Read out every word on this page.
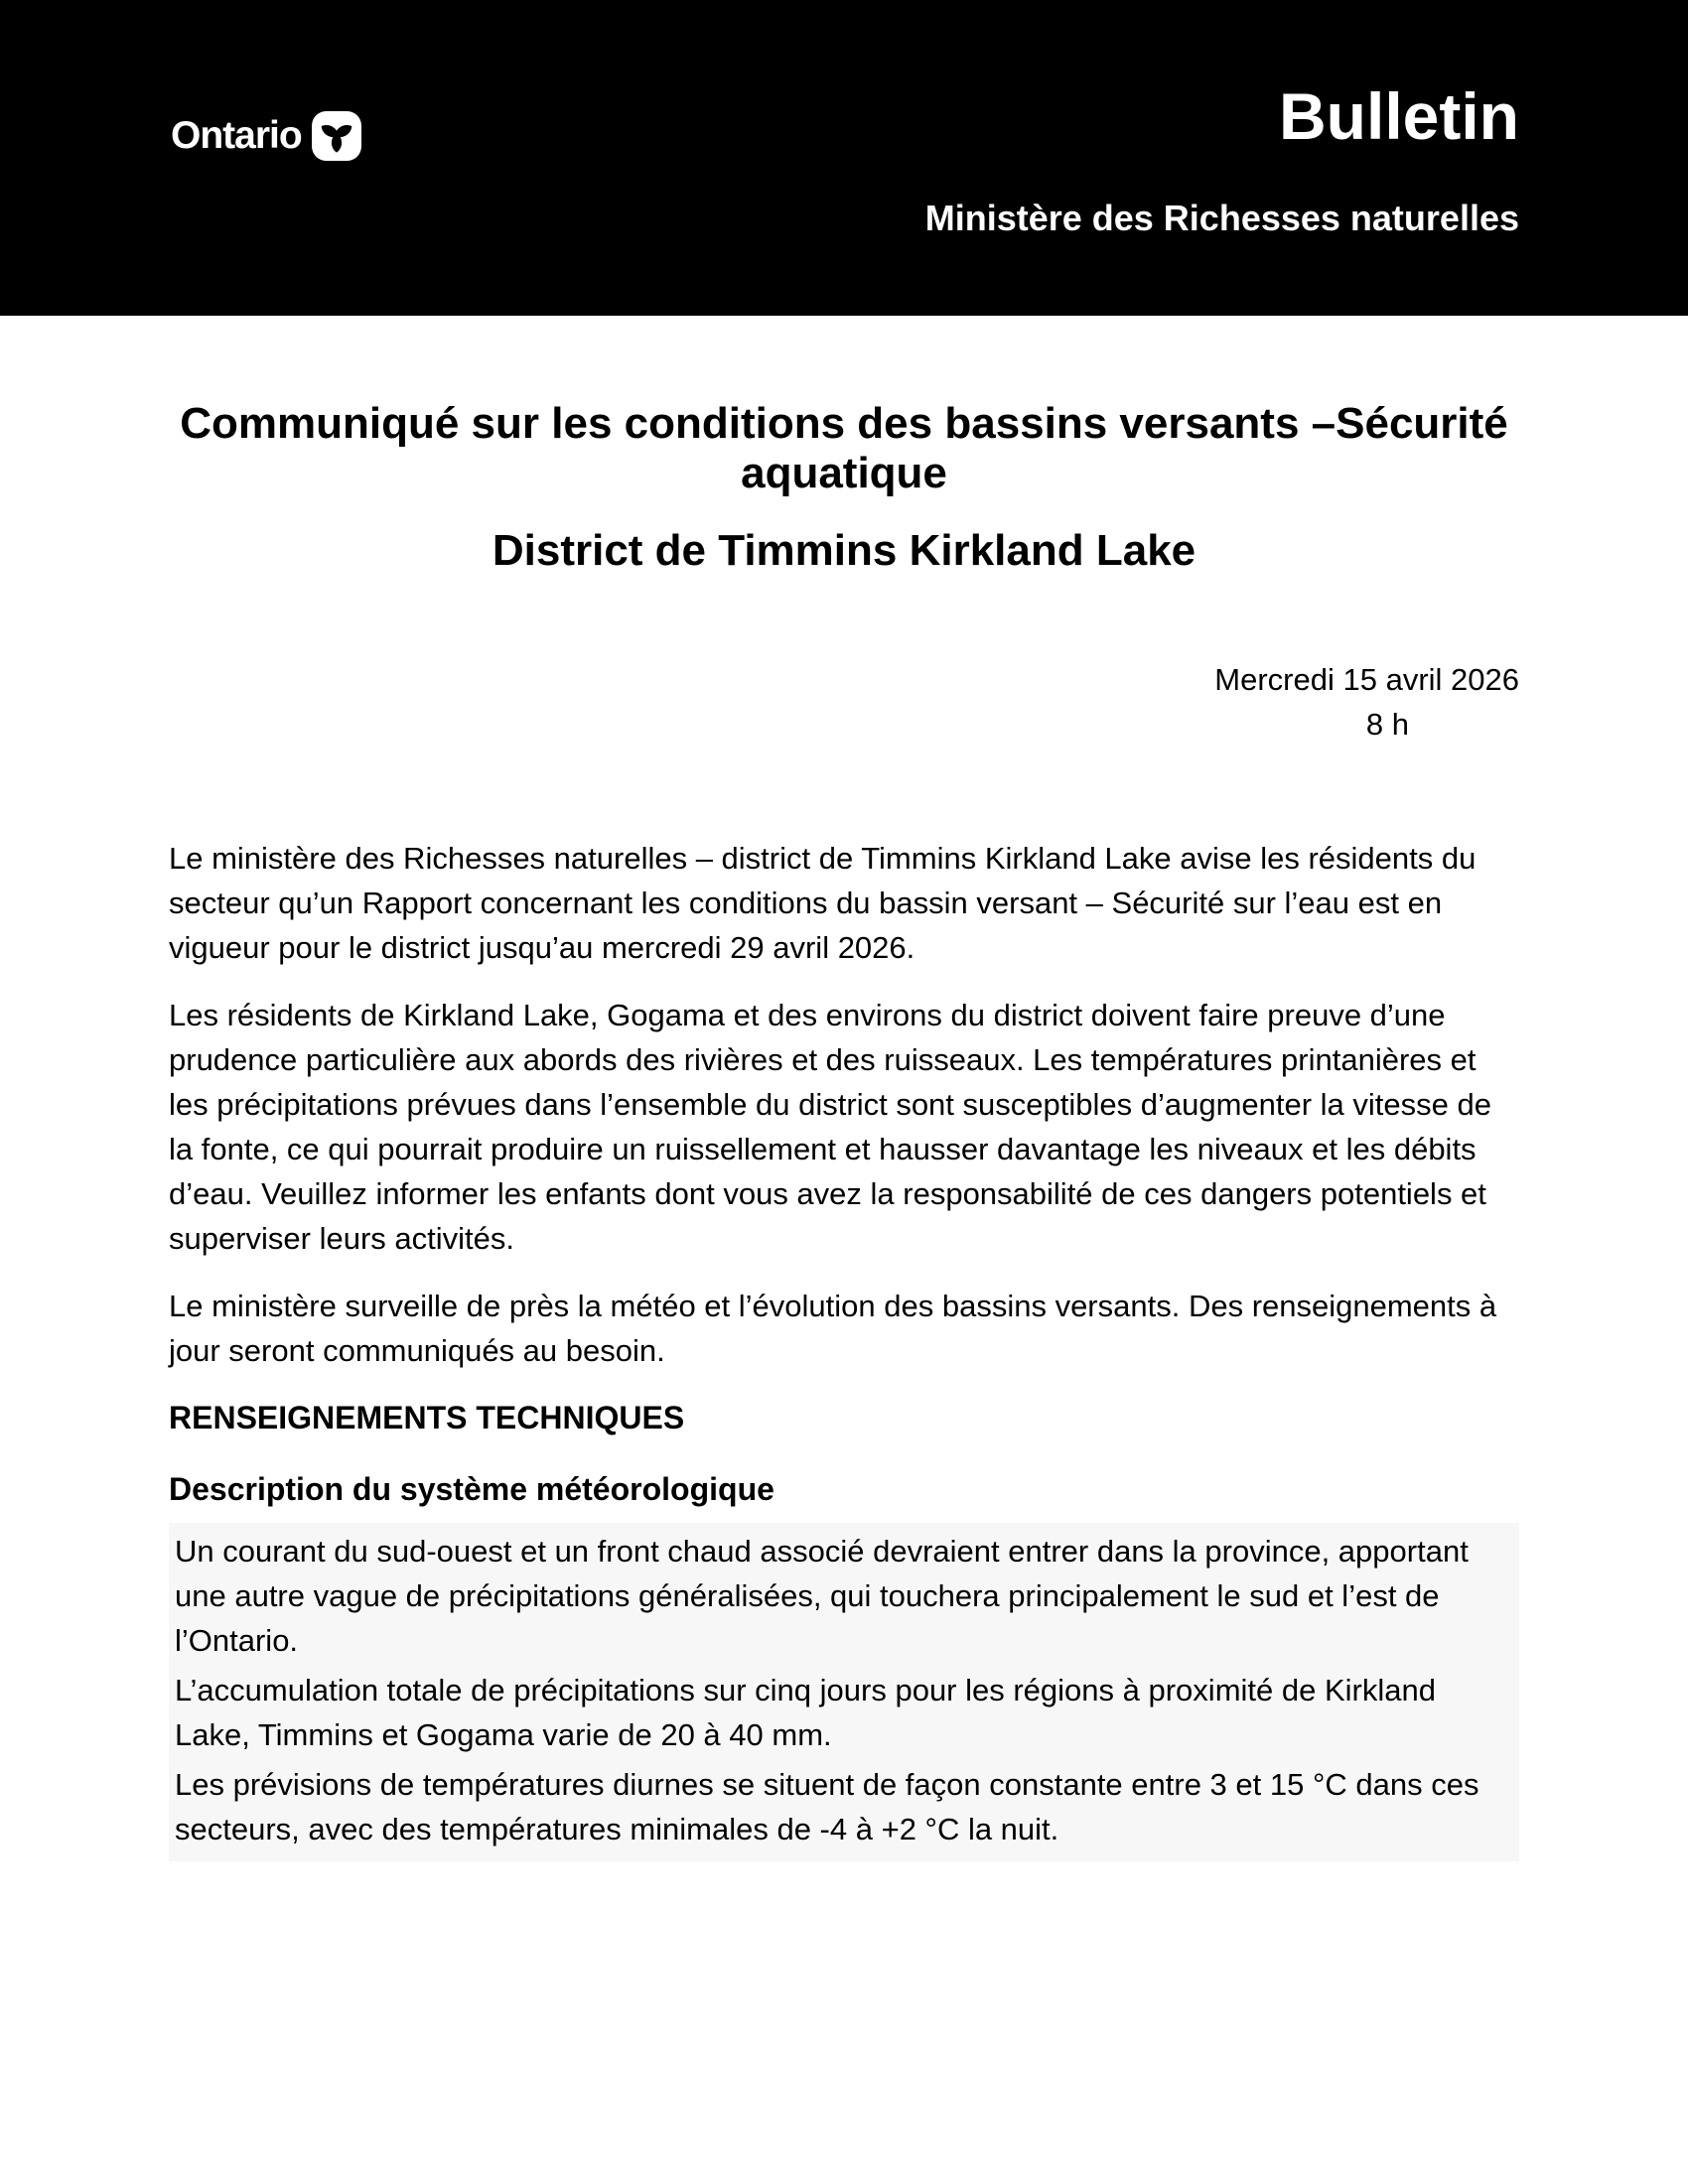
Ontario	Bulletin
Ministère des Richesses naturelles
Communiqué sur les conditions des bassins versants –Sécurité aquatique
District de Timmins Kirkland Lake
Mercredi 15 avril 2026
8 h

Le ministère des Richesses naturelles – district de Timmins Kirkland Lake avise les résidents du secteur qu’un Rapport concernant les conditions du bassin versant – Sécurité sur l’eau est en vigueur pour le district jusqu’au mercredi 29 avril 2026.

Les résidents de Kirkland Lake, Gogama et des environs du district doivent faire preuve d’une prudence particulière aux abords des rivières et des ruisseaux. Les températures printanières et les précipitations prévues dans l’ensemble du district sont susceptibles d’augmenter la vitesse de la fonte, ce qui pourrait produire un ruissellement et hausser davantage les niveaux et les débits d’eau. Veuillez informer les enfants dont vous avez la responsabilité de ces dangers potentiels et superviser leurs activités.

Le ministère surveille de près la météo et l’évolution des bassins versants. Des renseignements à jour seront communiqués au besoin.

RENSEIGNEMENTS TECHNIQUES
Description du système météorologique

Un courant du sud-ouest et un front chaud associé devraient entrer dans la province, apportant une autre vague de précipitations généralisées, qui touchera principalement le sud et l’est de l’Ontario.

L’accumulation totale de précipitations sur cinq jours pour les régions à proximité de Kirkland Lake, Timmins et Gogama varie de 20 à 40 mm.

Les prévisions de températures diurnes se situent de façon constante entre 3 et 15 °C dans ces secteurs, avec des températures minimales de -4 à +2 °C la nuit.
